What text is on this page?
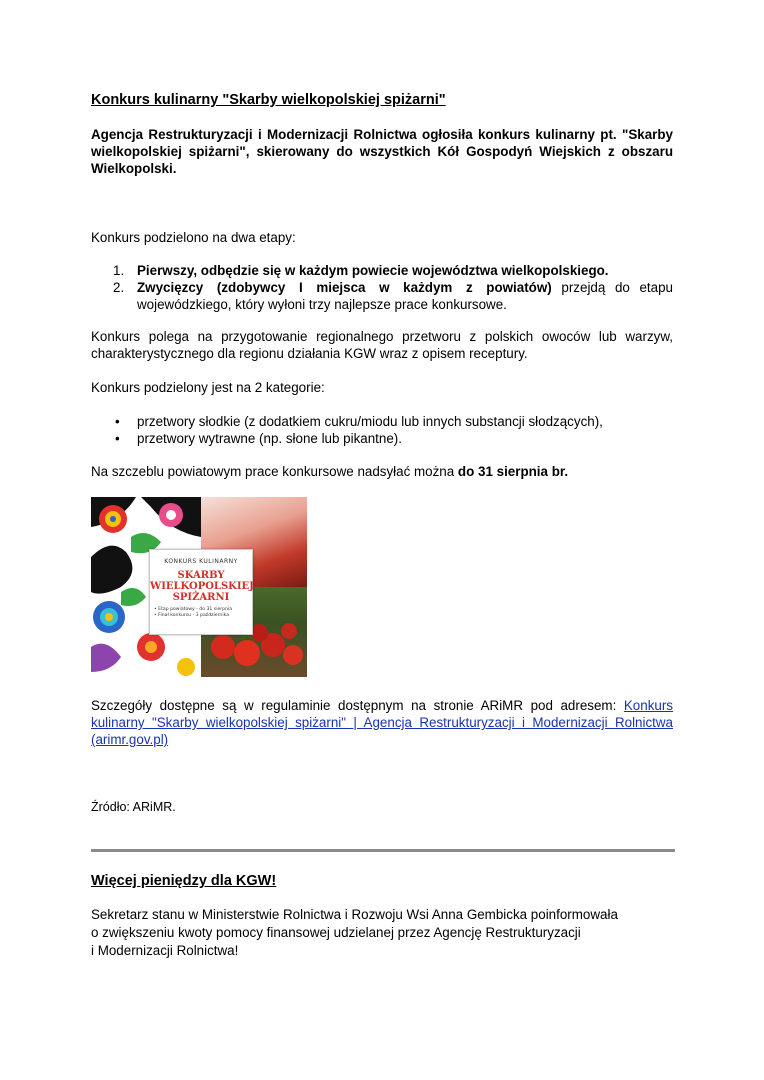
Konkurs kulinarny "Skarby wielkopolskiej spiżarni"

Agencja Restrukturyzacji i Modernizacji Rolnictwa ogłosiła konkurs kulinarny pt. "Skarby wielkopolskiej spiżarni", skierowany do wszystkich Kół Gospodyń Wiejskich z obszaru Wielkopolski.

Konkurs podzielono na dwa etapy:

1. Pierwszy, odbędzie się w każdym powiecie województwa wielkopolskiego.
2. Zwycięzcy (zdobywcy I miejsca w każdym z powiatów) przejdą do etapu wojewódzkiego, który wyłoni trzy najlepsze prace konkursowe.

Konkurs polega na przygotowanie regionalnego przetworu z polskich owoców lub warzyw, charakterystycznego dla regionu działania KGW wraz z opisem receptury.

Konkurs podzielony jest na 2 kategorie:

• przetwory słodkie (z dodatkiem cukru/miodu lub innych substancji słodzących),
• przetwory wytrawne (np. słone lub pikantne).

Na szczeblu powiatowym prace konkursowe nadsyłać można do 31 sierpnia br.

KONKURS KULINARNY
SKARBY WIELKOPOLSKIEJ SPIŻARNI
• Etap powiatowy - do 31 sierpnia
• Finał konkursu - 3 października

Szczegóły dostępne są w regulaminie dostępnym na stronie ARiMR pod adresem: Konkurs kulinarny "Skarby wielkopolskiej spiżarni" | Agencja Restrukturyzacji i Modernizacji Rolnictwa (arimr.gov.pl)

Źródło: ARiMR.

Więcej pieniędzy dla KGW!

Sekretarz stanu w Ministerstwie Rolnictwa i Rozwoju Wsi Anna Gembicka poinformowała
o zwiększeniu kwoty pomocy finansowej udzielanej przez Agencję Restrukturyzacji
i Modernizacji Rolnictwa!
